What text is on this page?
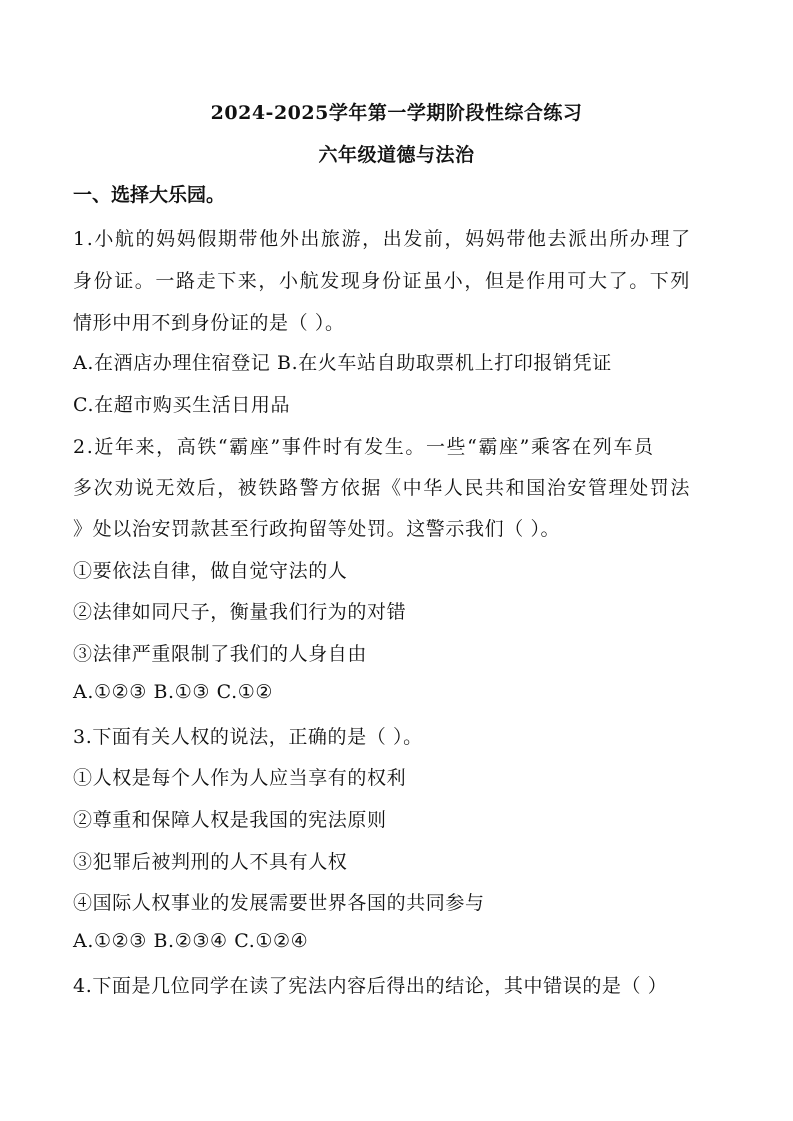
2024-2025学年第一学期阶段性综合练习
六年级道德与法治
一、选择大乐园。
1.小航的妈妈假期带他外出旅游，出发前，妈妈带他去派出所办理了
身份证。一路走下来，小航发现身份证虽小，但是作用可大了。下列
情形中用不到身份证的是（ ）。
A.在酒店办理住宿登记 B.在火车站自助取票机上打印报销凭证
C.在超市购买生活日用品
2.近年来，高铁“霸座”事件时有发生。一些“霸座”乘客在列车员
多次劝说无效后，被铁路警方依据《中华人民共和国治安管理处罚法
》处以治安罚款甚至行政拘留等处罚。这警示我们（ ）。
①要依法自律，做自觉守法的人
②法律如同尺子，衡量我们行为的对错
③法律严重限制了我们的人身自由
A.①②③ B.①③ C.①②
3.下面有关人权的说法，正确的是（ ）。
①人权是每个人作为人应当享有的权利
②尊重和保障人权是我国的宪法原则
③犯罪后被判刑的人不具有人权
④国际人权事业的发展需要世界各国的共同参与
A.①②③ B.②③④ C.①②④
4.下面是几位同学在读了宪法内容后得出的结论，其中错误的是（ ）
